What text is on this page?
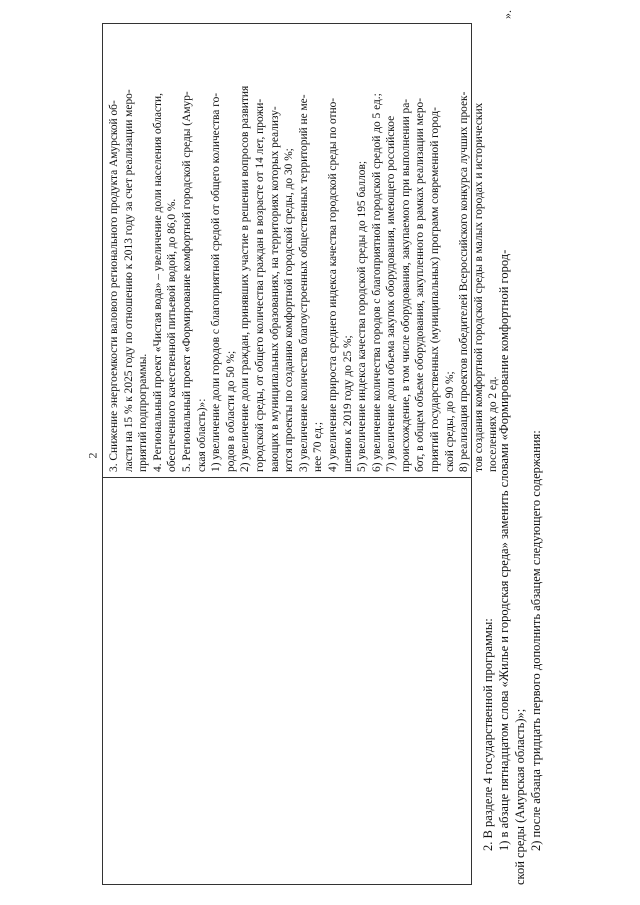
2 3. Снижение энергоемкости валового регионального продукта Амурской об- ласти на 15 % к 2025 году по отношению к 2013 году за счет реализации меро- приятий подпрограммы. 4. Региональный проект «Чистая вода» – увеличение доли населения области, обеспеченного качественной питьевой водой, до 86,0 %. 5. Региональный проект «Формирование комфортной городской среды (Амур- ская область)»: 1) увеличение доли городов с благоприятной средой от общего количества го- родов в области до 50 %; 2) увеличение доли граждан, принявших участие в решении вопросов развития городской среды, от общего количества граждан в возрасте от 14 лет, прожи- вающих в муниципальных образованиях, на территориях которых реализу- ются проекты по созданию комфортной городской среды, до 30 %; 3) увеличение количества благоустроенных общественных территорий не ме- нее 70 ед.; 4) увеличение прироста среднего индекса качества городской среды по отно- шению к 2019 году до 25 %; 5) увеличение индекса качества городской среды до 195 баллов; 6) увеличение количества городов с благоприятной городской средой до 5 ед.; 7) увеличение доли объема закупок оборудования, имеющего российское происхождение, в том числе оборудования, закупаемого при выполнении ра- бот, в общем объеме оборудования, закупленного в рамках реализации меро- приятий государственных (муниципальных) программ современной город- ской среды, до 90 %; 8) реализация проектов победителей Всероссийского конкурса лучших проек- тов создания комфортной городской среды в малых городах и исторических поселениях до 2 ед.
».
2. В разделе 4 государственной программы: 1) в абзаце пятнадцатом слова «Жилье и городская среда» заменить словами «Формирование комфортной город- ской среды (Амурская область)»; 2) после абзаца тридцать первого дополнить абзацем следующего содержания:
